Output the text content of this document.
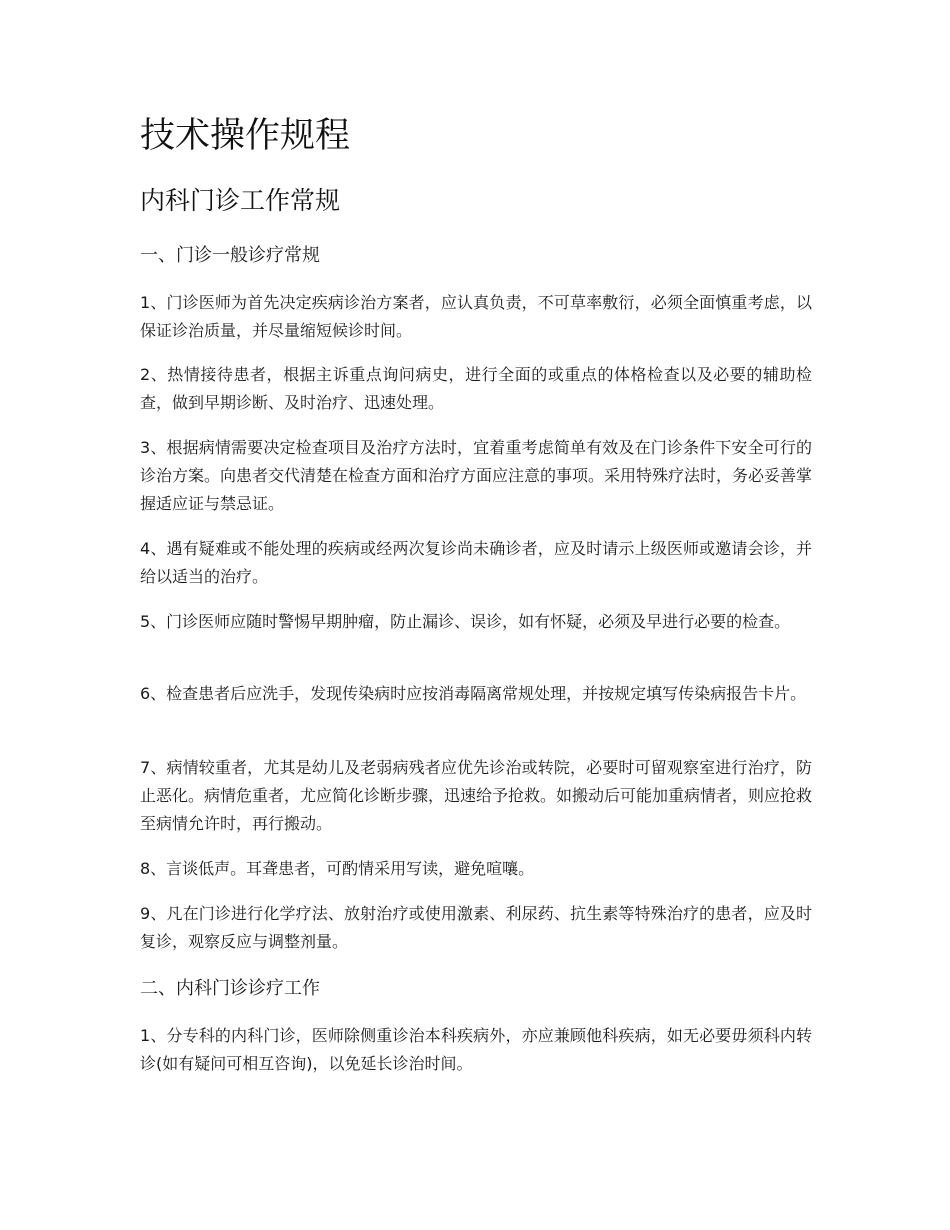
技术操作规程
内科门诊工作常规
一、门诊一般诊疗常规

1、门诊医师为首先决定疾病诊治方案者，应认真负责，不可草率敷衍，必须全面慎重考虑，以保证诊治质量，并尽量缩短候诊时间。

2、热情接待患者，根据主诉重点询问病史，进行全面的或重点的体格检查以及必要的辅助检查，做到早期诊断、及时治疗、迅速处理。

3、根据病情需要决定检查项目及治疗方法时，宜着重考虑简单有效及在门诊条件下安全可行的诊治方案。向患者交代清楚在检查方面和治疗方面应注意的事项。采用特殊疗法时，务必妥善掌握适应证与禁忌证。

4、遇有疑难或不能处理的疾病或经两次复诊尚未确诊者，应及时请示上级医师或邀请会诊，并给以适当的治疗。

5、门诊医师应随时警惕早期肿瘤，防止漏诊、误诊，如有怀疑，必须及早进行必要的检查。

6、检查患者后应洗手，发现传染病时应按消毒隔离常规处理，并按规定填写传染病报告卡片。

7、病情较重者，尤其是幼儿及老弱病残者应优先诊治或转院，必要时可留观察室进行治疗，防止恶化。病情危重者，尤应简化诊断步骤，迅速给予抢救。如搬动后可能加重病情者，则应抢救至病情允许时，再行搬动。

8、言谈低声。耳聋患者，可酌情采用写读，避免喧嚷。

9、凡在门诊进行化学疗法、放射治疗或使用激素、利尿药、抗生素等特殊治疗的患者，应及时复诊，观察反应与调整剂量。

二、内科门诊诊疗工作

1、分专科的内科门诊，医师除侧重诊治本科疾病外，亦应兼顾他科疾病，如无必要毋须科内转诊(如有疑问可相互咨询)，以免延长诊治时间。
